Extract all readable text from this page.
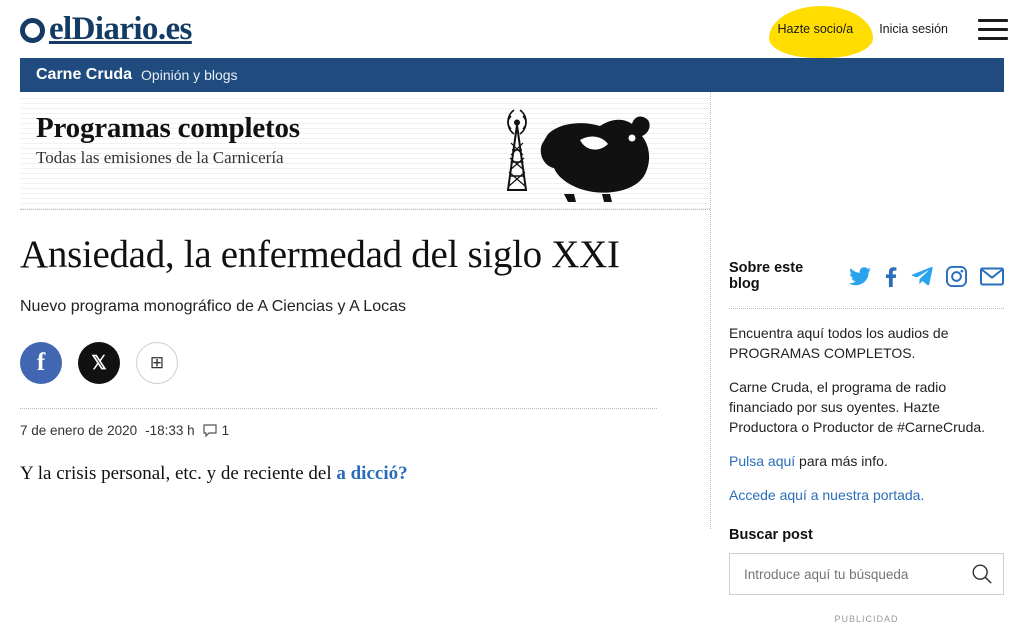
elDiario.es	Hazte socio/a Inicia sesión
Carne Cruda Opinión y blogs
Programas completos
Todas las emisiones de la Carnicería
Ansiedad, la enfermedad del siglo XXI

Nuevo programa monográfico de A Ciencias y A Locas

f	𝕏	⊞
7 de enero de 2020 -18:33 h 1
Y la crisis personal, etc. y de reciente del a dicció?
Sobre este blog

Encuentra aquí todos los audios de PROGRAMAS COMPLETOS.

Carne Cruda, el programa de radio financiado por sus oyentes. Hazte Productora o Productor de #CarneCruda.

Pulsa aquí para más info.

Accede aquí a nuestra portada.
Buscar post
Introduce aquí tu búsqueda
PUBLICIDAD
